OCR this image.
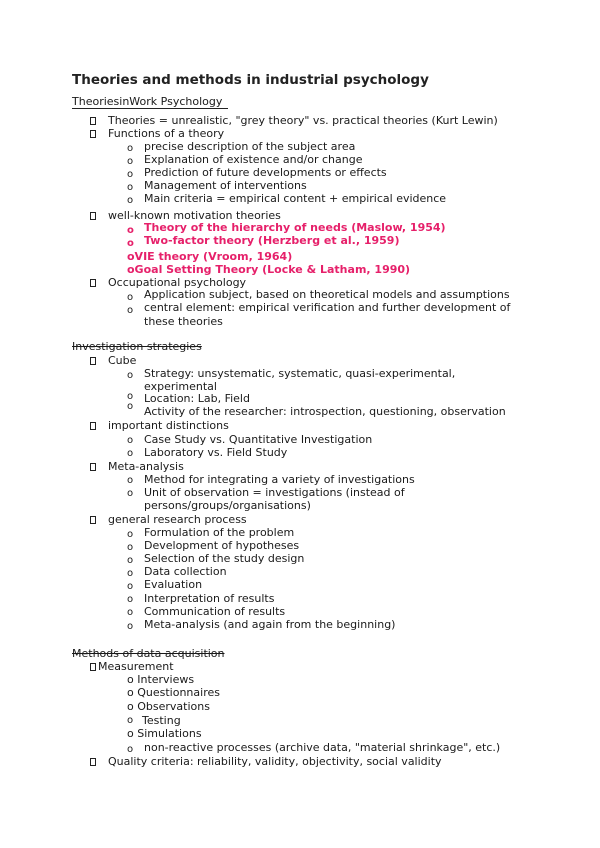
Theories and methods in industrial psychology
TheoriesinWork Psychology
Theories = unrealistic, "grey theory" vs. practical theories (Kurt Lewin)
Functions of a theory
o precise description of the subject area
o Explanation of existence and/or change
o Prediction of future developments or effects
o Management of interventions
o Main criteria = empirical content + empirical evidence
well-known motivation theories
o Theory of the hierarchy of needs (Maslow, 1954)
o Two-factor theory (Herzberg et al., 1959)
oVIE theory (Vroom, 1964)
oGoal Setting Theory (Locke & Latham, 1990)
Occupational psychology
o Application subject, based on theoretical models and assumptions
o central element: empirical verification and further development of
these theories
Investigation strategies
Cube
o Strategy: unsystematic, systematic, quasi-experimental,
experimental
o Location: Lab, Field
o Activity of the researcher: introspection, questioning, observation
important distinctions
o Case Study vs. Quantitative Investigation
o Laboratory vs. Field Study
Meta-analysis
o Method for integrating a variety of investigations
o Unit of observation = investigations (instead of
persons/groups/organisations)
general research process
o Formulation of the problem
o Development of hypotheses
o Selection of the study design
o Data collection
o Evaluation
o Interpretation of results
o Communication of results
o Meta-analysis (and again from the beginning)
Methods of data acquisition
Measurement
o Interviews
o Questionnaires
o Observations
o Testing
o Simulations
o non-reactive processes (archive data, "material shrinkage", etc.)
Quality criteria: reliability, validity, objectivity, social validity
